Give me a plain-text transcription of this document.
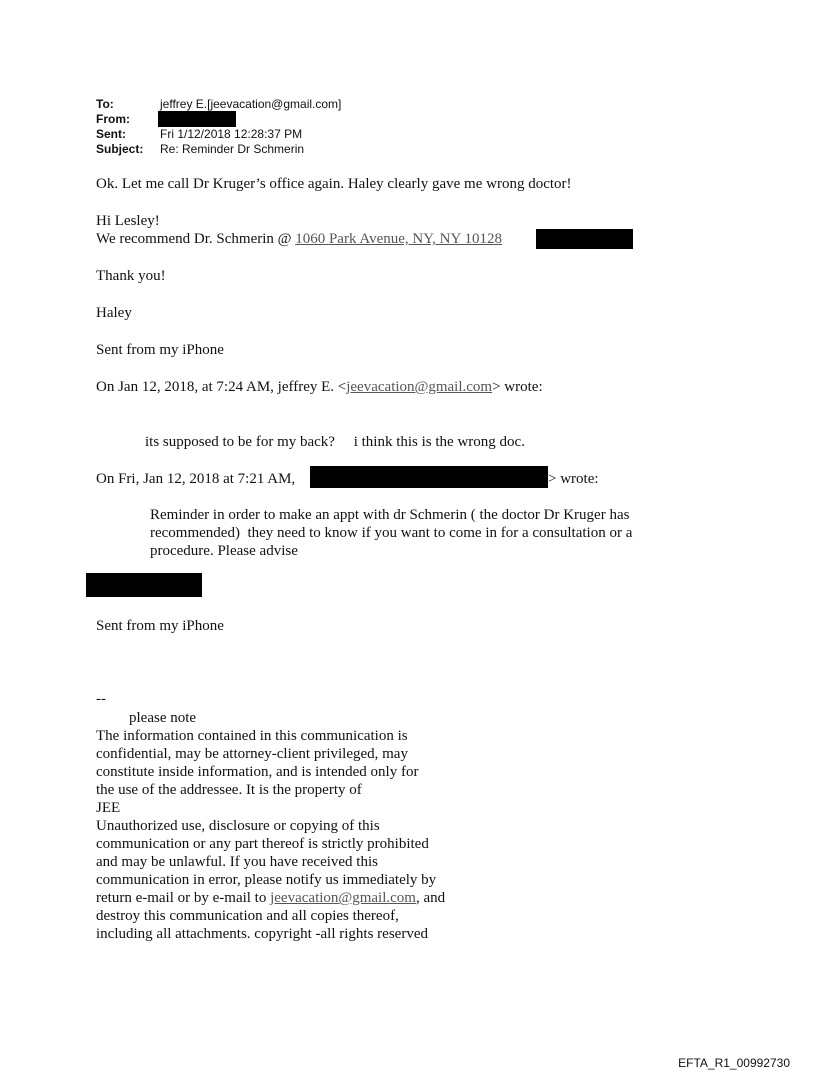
To:	jeffrey E.[jeevacation@gmail.com]
From:
Sent:	Fri 1/12/2018 12:28:37 PM
Subject: Re: Reminder Dr Schmerin
Ok. Let me call Dr Kruger’s office again. Haley clearly gave me wrong doctor!
Hi Lesley!
We recommend Dr. Schmerin @ 1060 Park Avenue, NY, NY 10128
Thank you!
Haley
Sent from my iPhone
On Jan 12, 2018, at 7:24 AM, jeffrey E. <jeevacation@gmail.com> wrote:
its supposed to be for my back?     i think this is the wrong doc.
On Fri, Jan 12, 2018 at 7:21 AM,	> wrote:
Reminder in order to make an appt with dr Schmerin ( the doctor Dr Kruger has
recommended)  they need to know if you want to come in for a consultation or a
procedure. Please advise
Sent from my iPhone
--
please note
The information contained in this communication is
confidential, may be attorney-client privileged, may
constitute inside information, and is intended only for
the use of the addressee. It is the property of
JEE
Unauthorized use, disclosure or copying of this
communication or any part thereof is strictly prohibited
and may be unlawful. If you have received this
communication in error, please notify us immediately by
return e-mail or by e-mail to jeevacation@gmail.com, and
destroy this communication and all copies thereof,
including all attachments. copyright -all rights reserved
EFTA_R1_00992730
